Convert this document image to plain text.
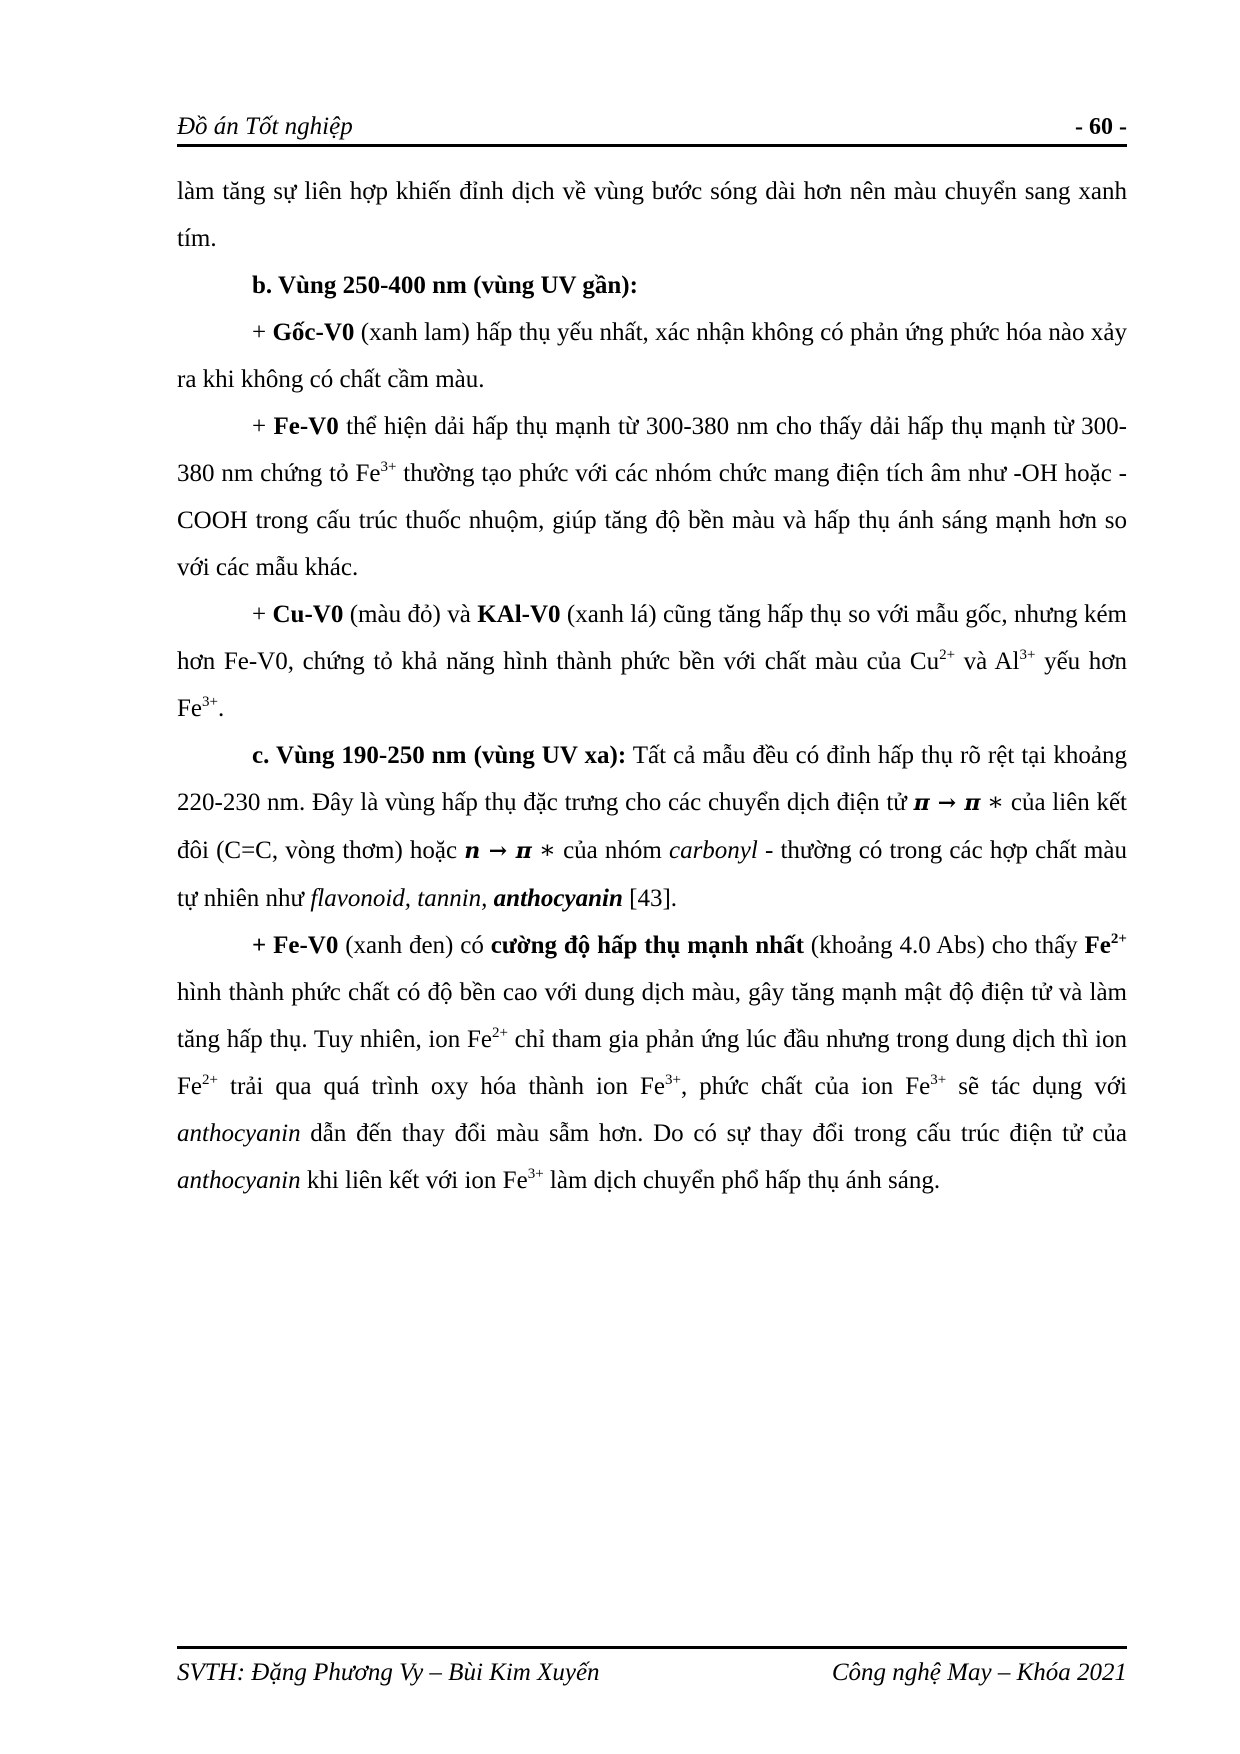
Đồ án Tốt nghiệp	- 60 -

làm tăng sự liên hợp khiến đỉnh dịch về vùng bước sóng dài hơn nên màu chuyển sang xanh tím.

b. Vùng 250-400 nm (vùng UV gần):

+ Gốc-V0 (xanh lam) hấp thụ yếu nhất, xác nhận không có phản ứng phức hóa nào xảy ra khi không có chất cầm màu.

+ Fe-V0 thể hiện dải hấp thụ mạnh từ 300-380 nm cho thấy dải hấp thụ mạnh từ 300-380 nm chứng tỏ $Fe^{3+}$ thường tạo phức với các nhóm chức mang điện tích âm như -OH hoặc -COOH trong cấu trúc thuốc nhuộm, giúp tăng độ bền màu và hấp thụ ánh sáng mạnh hơn so với các mẫu khác.

+ Cu-V0 (màu đỏ) và KAl-V0 (xanh lá) cũng tăng hấp thụ so với mẫu gốc, nhưng kém hơn Fe-V0, chứng tỏ khả năng hình thành phức bền với chất màu của $Cu^{2+}$ và $Al^{3+}$ yếu hơn $Fe^{3+}$.

c. Vùng 190-250 nm (vùng UV xa): Tất cả mẫu đều có đỉnh hấp thụ rõ rệt tại khoảng 220-230 nm. Đây là vùng hấp thụ đặc trưng cho các chuyển dịch điện tử π → π ∗ của liên kết đôi (C=C, vòng thơm) hoặc n → π ∗ của nhóm carbonyl - thường có trong các hợp chất màu tự nhiên như flavonoid, tannin, anthocyanin [43].

+ Fe-V0 (xanh đen) có cường độ hấp thụ mạnh nhất (khoảng 4.0 Abs) cho thấy $Fe^{2+}$ hình thành phức chất có độ bền cao với dung dịch màu, gây tăng mạnh mật độ điện tử và làm tăng hấp thụ. Tuy nhiên, ion $Fe^{2+}$ chỉ tham gia phản ứng lúc đầu nhưng trong dung dịch thì ion $Fe^{2+}$ trải qua quá trình oxy hóa thành ion $Fe^{3+}$, phức chất của ion $Fe^{3+}$ sẽ tác dụng với anthocyanin dẫn đến thay đổi màu sẫm hơn. Do có sự thay đổi trong cấu trúc điện tử của anthocyanin khi liên kết với ion $Fe^{3+}$ làm dịch chuyển phổ hấp thụ ánh sáng.

SVTH: Đặng Phương Vy – Bùi Kim Xuyến	Công nghệ May – Khóa 2021
